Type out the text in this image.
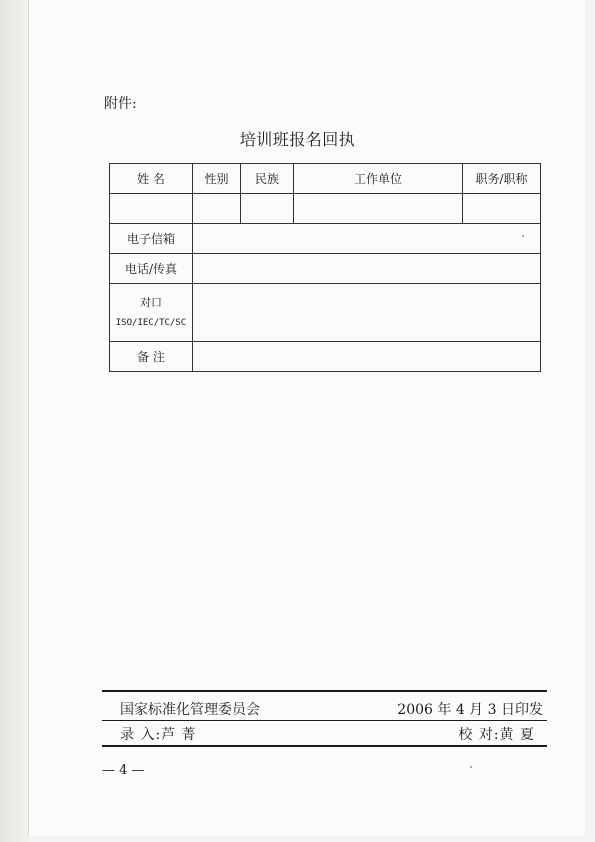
附件:
培训班报名回执
姓 名	性别	民族	工作单位	职务/职称

电子信箱				
电话/传真				

对口
ISO/IEC/TC/SC				

备 注				
国家标准化管理委员会	2006 年 4 月 3 日印发
录 入:芦 菁	校 对:黄 夏
— 4 —
